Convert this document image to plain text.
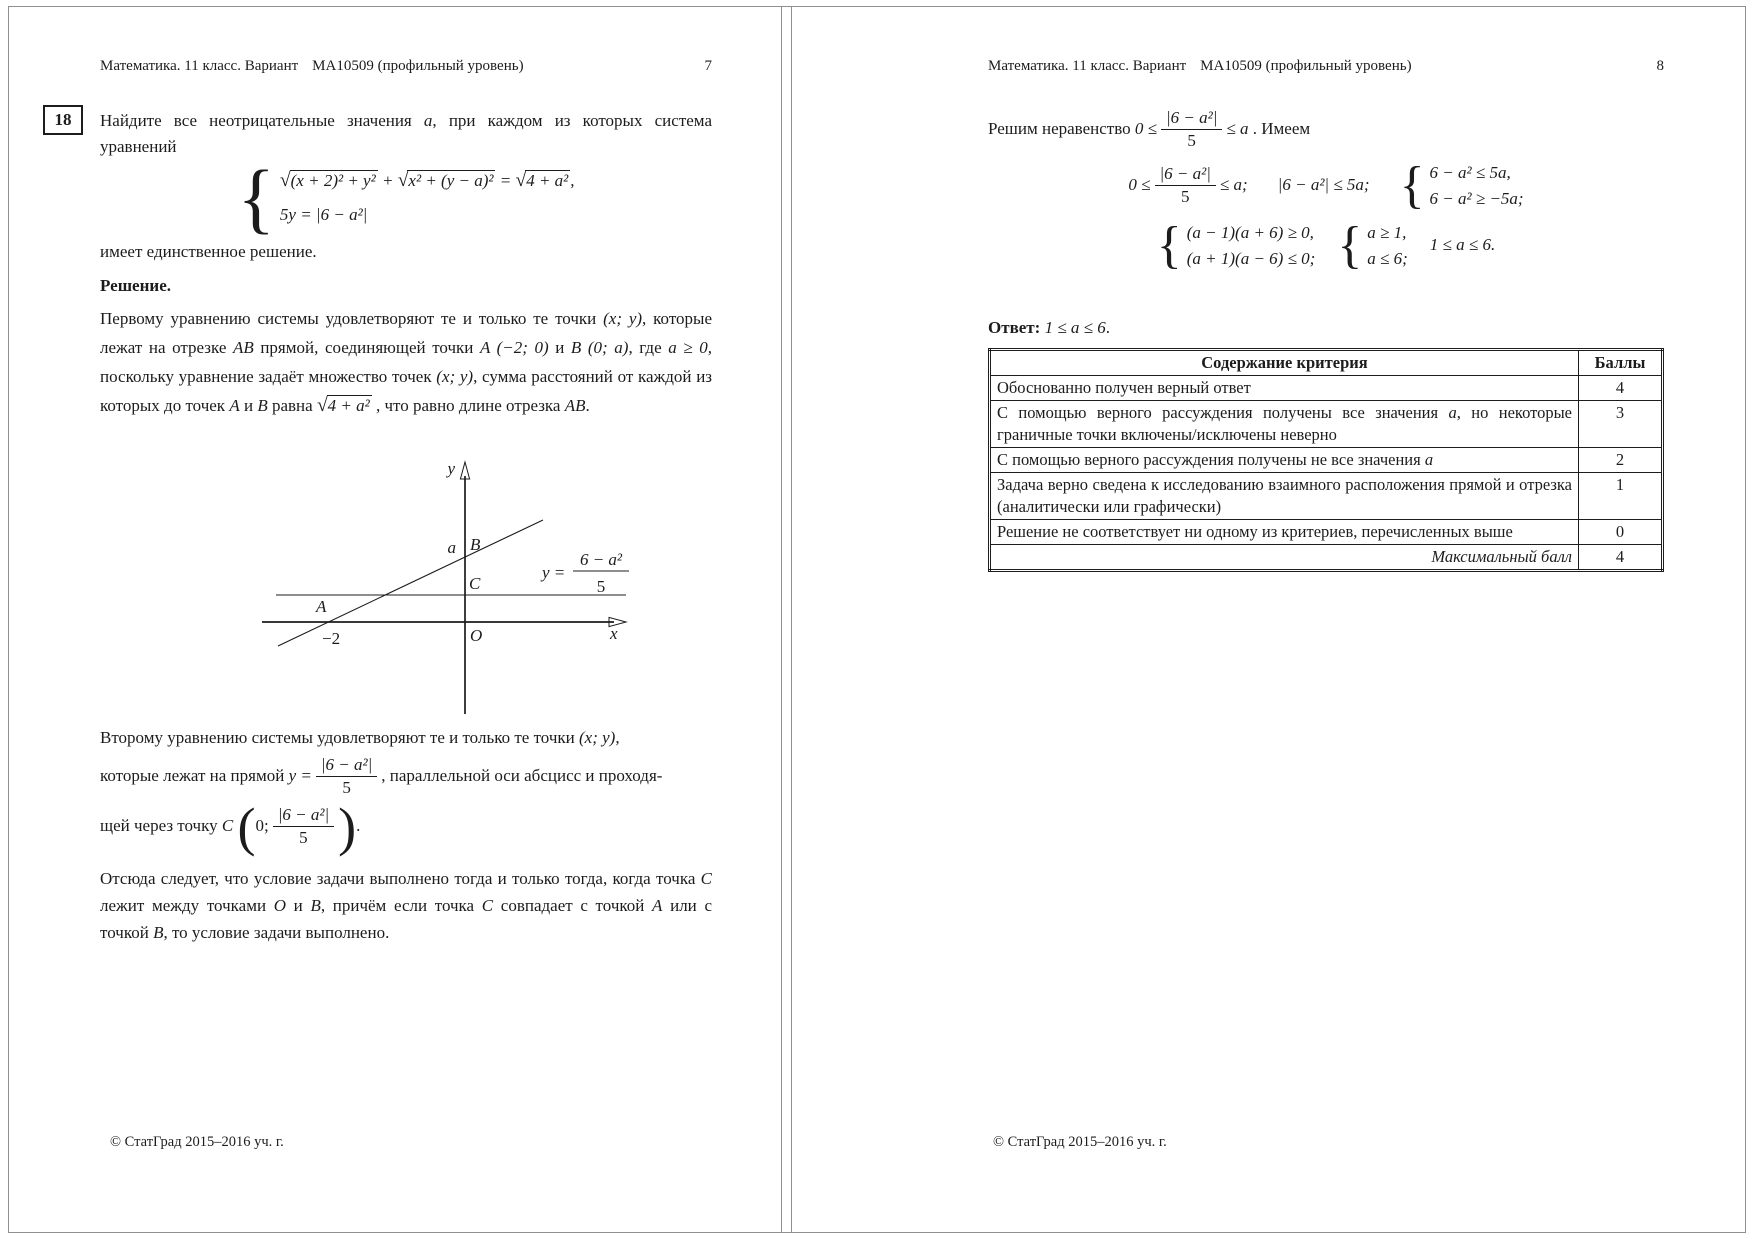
Математика. 11 класс. Вариант МА10509 (профильный уровень)	7
18 Найдите все неотрицательные значения a, при каждом из которых система уравнений

{ √ (x + 2)² + y² + √ x² + (y − a)² = √ 4 + a² ,
5y = |6 − a²|

имеет единственное решение.

Решение.

Первому уравнению системы удовлетворяют те и только те точки (x; y), которые лежат на отрезке AB прямой, соединяющей точки A (−2; 0) и B (0; a), где a ≥ 0, поскольку уравнение задаёт множество точек (x; y), сумма расстояний от каждой из которых до точек A и B равна √ 4 + a² , что равно длине отрезка AB.

y
x
O
B
a
C
A
−2
y =
6 − a²
5
Второму уравнению системы удовлетворяют те и только те точки (x; y),
которые лежат на прямой $y = \frac{\text{|6 − a²|}}{5}$ , параллельной оси абсцисс и проходя-
щей через точку C 0; $\frac{\text{|6 − a²|}}{5}$ .

Отсюда следует, что условие задачи выполнено тогда и только тогда, когда точка C лежит между точками O и B, причём если точка C совпадает с точкой A или с точкой B, то условие задачи выполнено.

Математика. 11 класс. Вариант МА10509 (профильный уровень)	8
Решим неравенство $0 \le \frac{\text{|6 − a²|}}{5} \le a$ . Имеем
$0 \le \frac{\text{|6 − a²|}}{5} \le a$; |6 − a²| ≤ 5a;
{ 6 − a² ≤ 5a,
6 − a² ≥ −5a;
{ (a − 1)(a + 6) ≥ 0,
(a + 1)(a − 6) ≤ 0;
{ a ≥ 1,
a ≤ 6;
1 ≤ a ≤ 6.

Ответ: 1 ≤ a ≤ 6.

Содержание критерия	Баллы
Обоснованно получен верный ответ	4
С помощью верного рассуждения получены все значения a, но некоторые граничные точки включены/исключены неверно	3
С помощью верного рассуждения получены не все значения a	2
Задача верно сведена к исследованию взаимного расположения прямой и отрезка (аналитически или графически)	1
Решение не соответствует ни одному из критериев, перечисленных выше	0
Максимальный балл	4
© СтатГрад 2015–2016 уч. г.	© СтатГрад 2015–2016 уч. г.
